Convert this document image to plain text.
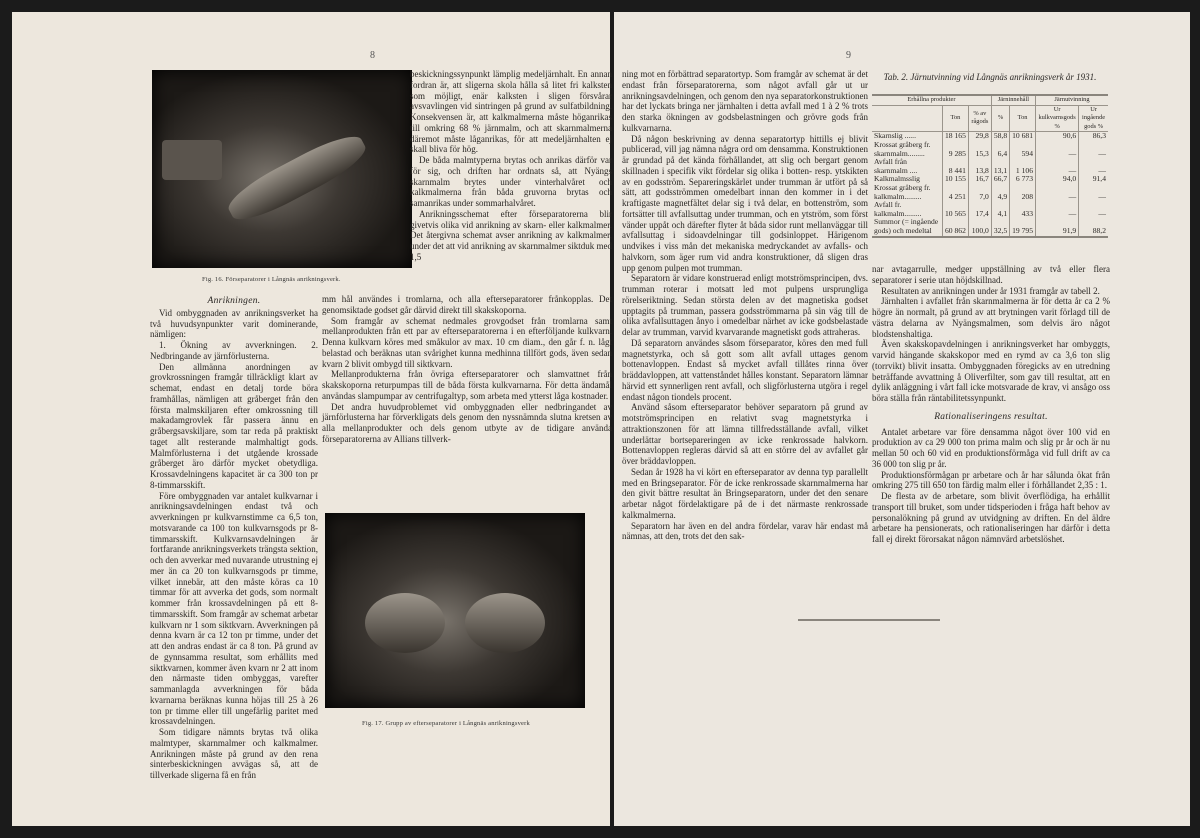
8
Fig. 16. Förseparatorer i Långnäs anrikningsverk.
Anrikningen.

Vid ombyggnaden av anrikningsverket ha två huvudsynpunkter varit dominerande, nämligen:

1. Ökning av avverkningen. 2. Nedbringande av järnförlusterna.

Den allmänna anordningen av grovkrossningen framgår tillräckligt klart av schemat, endast en detalj torde böra framhållas, nämligen att gråberget från den första malmskiljaren efter omkrossning till makadamgrovlek får passera ännu en gråbergsavskiljare, som tar reda på praktiskt taget allt resterande malmhaltigt gods. Malmförlusterna i det utgående krossade gråberget äro därför mycket obetydliga. Krossavdelningens kapacitet är ca 300 ton pr 8-timmarsskift.

Före ombyggnaden var antalet kulkvarnar i anrikningsavdelningen endast två och avverkningen pr kulkvarnstimme ca 6,5 ton, motsvarande ca 100 ton kulkvarnsgods pr 8-timmarsskift. Kulkvarnsavdelningen är fortfarande anrikningsverkets trängsta sektion, och den avverkar med nuvarande utrustning ej mer än ca 20 ton kulkvarnsgods pr timme, vilket innebär, att den måste köras ca 10 timmar för att avverka det gods, som normalt kommer från krossavdelningen på ett 8-timmarsskift. Som framgår av schemat arbetar kulkvarn nr 1 som siktkvarn. Avverkningen på denna kvarn är ca 12 ton pr timme, under det att den andras endast är ca 8 ton. På grund av de gynnsamma resultat, som erhållits med siktkvarnen, kommer även kvarn nr 2 att inom den närmaste tiden ombyggas, varefter sammanlagda avverkningen för båda kvarnarna beräknas kunna höjas till 25 à 26 ton pr timme eller till ungefärlig paritet med krossavdelningen.

Som tidigare nämnts brytas två olika malmtyper, skarnmalmer och kalkmalmer. Anrikningen måste på grund av den rena sinterbeskickningen avvägas så, att de tillverkade sligerna få en från

beskickningssynpunkt lämplig medeljärnhalt. En annan fordran är, att sligerna skola hålla så litet fri kalksten som möjligt, enär kalksten i sligen försvårar avsvavlingen vid sintringen på grund av sulfatbildning. Konsekvensen är, att kalkmalmerna måste höganrikas till omkring 68 % järnmalm, och att skarnmalmerna däremot måste låganrikas, för att medeljärnhalten ej skall bliva för hög.

De båda malmtyperna brytas och anrikas därför var för sig, och driften har ordnats så, att Nyängs skarnmalm brytes under vinterhalvåret och kalkmalmerna från båda gruvorna brytas och samanrikas under sommarhalvåret.

Anrikningsschemat efter förseparatorerna blir givetvis olika vid anrikning av skarn- eller kalkmalmer. Det återgivna schemat avser anrikning av kalkmalmer, under det att vid anrikning av skarnmalmer siktduk med 1,5

mm hål användes i tromlarna, och alla efterseparatorer frånkopplas. Det genomsiktade godset går därvid direkt till skakskoporna.

Som framgår av schemat nedmales grovgodset från tromlarna samt mellanprodukten från ett par av efterseparatorerna i en efterföljande kulkvarn. Denna kulkvarn köres med småkulor av max. 10 cm diam., den går f. n. lågt belastad och beräknas utan svårighet kunna medhinna tillfört gods, även sedan kvarn 2 blivit ombygd till siktkvarn.

Mellanprodukterna från övriga efterseparatorer och slamvattnet från skakskoporna returpumpas till de båda första kulkvarnarna. För detta ändamål användas slampumpar av centrifugaltyp, som arbeta med ytterst låga kostnader.

Det andra huvudproblemet vid ombyggnaden eller nedbringandet av järnförlusterna har förverkligats dels genom den nyssnämnda slutna kretsen av alla mellanprodukter och dels genom utbyte av de tidigare använda förseparatorerna av Allians tillverk-

Fig. 17. Grupp av efterseparatorer i Långnäs anrikningsverk
9

ning mot en förbättrad separatortyp. Som framgår av schemat är det endast från förseparatorerna, som något avfall går ut ur anrikningsavdelningen, och genom den nya separatorkonstruktionen har det lyckats bringa ner järnhalten i detta avfall med 1 à 2 % trots den starka ökningen av godsbelastningen och grövre gods från kulkvarnarna.

Då någon beskrivning av denna separatortyp hittills ej blivit publicerad, vill jag nämna några ord om densamma. Konstruktionen är grundad på det kända förhållandet, att slig och bergart genom skillnaden i specifik vikt fördelar sig olika i botten- resp. ytskikten av en godsström. Separeringskärlet under trumman är utfört på så sätt, att godsströmmen omedelbart innan den kommer in i det kraftigaste magnetfältet delar sig i två delar, en bottenström, som fortsätter till avfallsuttag under trumman, och en ytström, som först vänder uppåt och därefter flyter åt båda sidor runt mellanväggar till avfallsuttag i sidoavdelningar till godsinloppet. Härigenom undvikes i viss mån det mekaniska medryckandet av avfalls- och halvkorn, som äger rum vid andra konstruktioner, då sligen dras upp genom pulpen mot trumman.

Separatorn är vidare konstruerad enligt motströmsprincipen, dvs. trumman roterar i motsatt led mot pulpens ursprungliga rörelseriktning. Sedan största delen av det magnetiska godset upptagits på trumman, passera godsströmmarna på sin väg till de olika avfallsuttagen ånyo i omedelbar närhet av icke godsbelastade delar av trumman, varvid kvarvarande magnetiskt gods attraheras.

Då separatorn användes såsom förseparator, köres den med full magnetstyrka, och så gott som allt avfall uttages genom bottenavloppen. Endast så mycket avfall tillåtes rinna över bräddavloppen, att vattenståndet hålles konstant. Separatorn lämnar härvid ett synnerligen rent avfall, och sligförlusterna utgöra i regel endast någon tiondels procent.

Använd såsom efterseparator behöver separatorn på grund av motströmsprincipen en relativt svag magnetstyrka i attraktionszonen för att lämna tillfredsställande avfall, vilket underlättar bortsepareringen av icke renkrossade halvkorn. Bottenavloppen regleras därvid så att en större del av avfallet går över bräddavloppen.

Sedan år 1928 ha vi kört en efterseparator av denna typ parallellt med en Bringseparator. För de icke renkrossade skarnmalmerna har den givit bättre resultat än Bringseparatorn, under det den senare arbetar något fördelaktigare på de i det närmaste renkrossade kalkmalmerna.

Separatorn har även en del andra fördelar, varav här endast må nämnas, att den, trots det den sak-

Tab. 2. Järnutvinning vid Långnäs anrikningsverk år 1931.
Erhållna produkter			Järninnehåll		Järnutvinning	
	Ton	% av rågods	%	Ton	Ur kulkvarnsgods %	Ur ingående gods %
Skarnslig ......	18 165	29,8	58,8	10 681	90,6	86,3
Krossat gråberg fr. skarnmalm.........	9 285	15,3	6,4	594	—	—
Avfall från skarnmalm ....	8 441	13,8	13,1	1 106	—	—
Kalkmalmsslig	10 155	16,7	66,7	6 773	94,0	91,4
Krossat gråberg fr. kalkmalm.........	4 251	7,0	4,9	208	—	—
Avfall fr. kalkmalm.........	10 565	17,4	4,1	433	—	—
Summor (= ingående gods) och medeltal	60 862	100,0	32,5	19 795	91,9	88,2

nar avtagarrulle, medger uppställning av två eller flera separatorer i serie utan höjdskillnad.

Resultaten av anrikningen under år 1931 framgår av tabell 2.

Järnhalten i avfallet från skarnmalmerna är för detta år ca 2 % högre än normalt, på grund av att brytningen varit förlagd till de västra delarna av Nyängsmalmen, som delvis äro något blodstenshaltiga.

Även skakskopavdelningen i anrikningsverket har ombyggts, varvid hängande skakskopor med en rymd av ca 3,6 ton slig (torrvikt) blivit insatta. Ombyggnaden föregicks av en utredning beträffande avvattning å Oliverfilter, som gav till resultat, att en dylik anläggning i vårt fall icke motsvarade de krav, vi ansågo oss böra ställa från räntabilitetssynpunkt.

Rationaliseringens resultat.

Antalet arbetare var före densamma något över 100 vid en produktion av ca 29 000 ton prima malm och slig pr år och är nu mellan 50 och 60 vid en produktionsförmåga vid full drift av ca 36 000 ton slig pr år.

Produktionsförmågan pr arbetare och år har sålunda ökat från omkring 275 till 650 ton färdig malm eller i förhållandet 2,35 : 1.

De flesta av de arbetare, som blivit överflödiga, ha erhållit transport till bruket, som under tidsperioden i fråga haft behov av personalökning på grund av utvidgning av driften. En del äldre arbetare ha pensionerats, och rationaliseringen har därför i detta fall ej direkt förorsakat någon nämnvärd arbetslöshet.
